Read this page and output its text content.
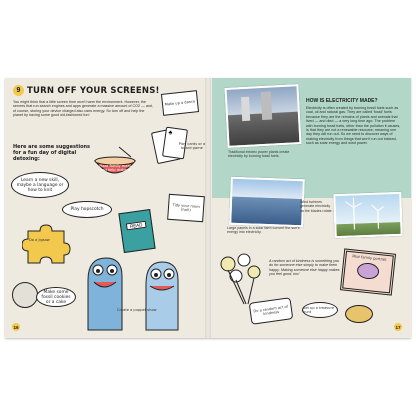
9 TURN OFF YOUR SCREENS!
You might think that a little screen time won't harm the environment. However, the servers that run search engines and apps generate a massive amount of CO2 — and, of course, storing your device charged also uses energy. So turn off and help the planet by having some good old-fashioned fun!
Here are some suggestions for a fun day of digital detoxing:
Make up a dance
♣
Play cards or a board game
Pizza family meal and help make it
Learn a new skill, maybe a language or how to knit
Play hopscotch
READ
Tidy your room (hal!)
Do a jigsaw
Make some fossil cookies or a cake
Create a puppet show
16
Traditional electric power plants create electricity by burning fossil fuels.
HOW IS ELECTRICITY MADE?
Electricity is often created by burning fossil fuels such as coal, oil and natural gas. They are called 'fossil' fuels because they are the remains of plants and animals that lived — and died — a very long time ago. The problem with burning fossil fuels, other than the pollution it causes, is that they are not a renewable resource, meaning one day they will run out. So we need to discover ways of making electricity from things that won't run out instead, such as solar energy and wind power.
Large panels in a solar farm convert the sun's energy into electricity.
Wind turbines generate electricity as the blades rotate.
A random act of kindness is something you do for someone else simply to make them happy. Making someone else happy makes you feel good, too!
Do a random act of kindness
Pilot family portrait
Set up a treasure hunt
17
